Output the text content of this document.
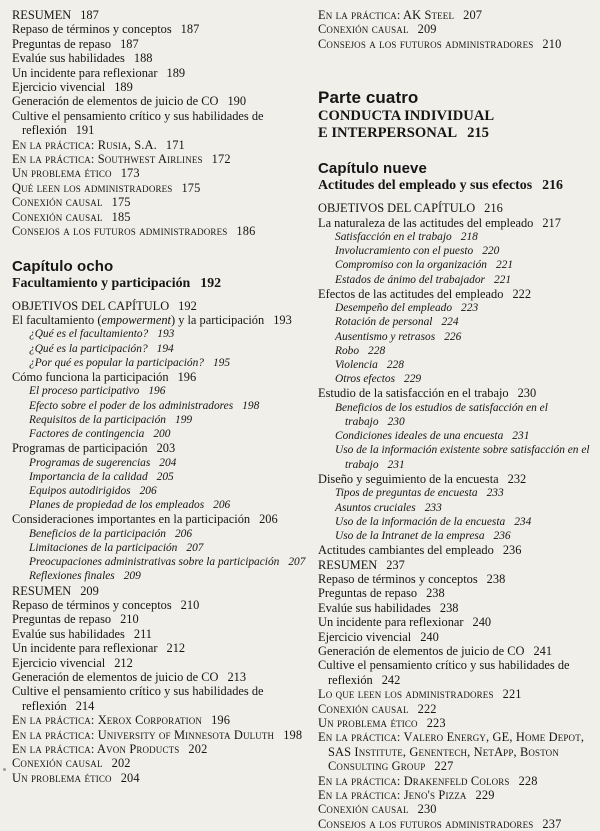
RESUMEN 187
Repaso de términos y conceptos 187
Preguntas de repaso 187
Evalúe sus habilidades 188
Un incidente para reflexionar 189
Ejercicio vivencial 189
Generación de elementos de juicio de CO 190
Cultive el pensamiento crítico y sus habilidades de reflexión 191
En la práctica: Rusia, S.A. 171
En la práctica: Southwest Airlines 172
Un problema ético 173
Qué leen los administradores 175
Conexión causal 175
Conexión causal 185
Consejos a los futuros administradores 186
Capítulo ocho
Facultamiento y participación 192
OBJETIVOS DEL CAPÍTULO 192
El facultamiento (empowerment) y la participación 193
¿Qué es el facultamiento? 193
¿Qué es la participación? 194
¿Por qué es popular la participación? 195
Cómo funciona la participación 196
El proceso participativo 196
Efecto sobre el poder de los administradores 198
Requisitos de la participación 199
Factores de contingencia 200
Programas de participación 203
Programas de sugerencias 204
Importancia de la calidad 205
Equipos autodirigidos 206
Planes de propiedad de los empleados 206
Consideraciones importantes en la participación 206
Beneficios de la participación 206
Limitaciones de la participación 207
Preocupaciones administrativas sobre la participación 207
Reflexiones finales 209
RESUMEN 209
Repaso de términos y conceptos 210
Preguntas de repaso 210
Evalúe sus habilidades 211
Un incidente para reflexionar 212
Ejercicio vivencial 212
Generación de elementos de juicio de CO 213
Cultive el pensamiento crítico y sus habilidades de reflexión 214
En la práctica: Xerox Corporation 196
En la práctica: University of Minnesota Duluth 198
En la práctica: Avon Products 202
Conexión causal 202
Un problema ético 204
En la práctica: AK Steel 207
Conexión causal 209
Consejos a los futuros administradores 210
Parte cuatro
CONDUCTA INDIVIDUAL
E INTERPERSONAL 215
Capítulo nueve
Actitudes del empleado y sus efectos 216
OBJETIVOS DEL CAPÍTULO 216
La naturaleza de las actitudes del empleado 217
Satisfacción en el trabajo 218
Involucramiento con el puesto 220
Compromiso con la organización 221
Estados de ánimo del trabajador 221
Efectos de las actitudes del empleado 222
Desempeño del empleado 223
Rotación de personal 224
Ausentismo y retrasos 226
Robo 228
Violencia 228
Otros efectos 229
Estudio de la satisfacción en el trabajo 230
Beneficios de los estudios de satisfacción en el trabajo 230
Condiciones ideales de una encuesta 231
Uso de la información existente sobre satisfacción en el trabajo 231
Diseño y seguimiento de la encuesta 232
Tipos de preguntas de encuesta 233
Asuntos cruciales 233
Uso de la información de la encuesta 234
Uso de la Intranet de la empresa 236
Actitudes cambiantes del empleado 236
RESUMEN 237
Repaso de términos y conceptos 238
Preguntas de repaso 238
Evalúe sus habilidades 238
Un incidente para reflexionar 240
Ejercicio vivencial 240
Generación de elementos de juicio de CO 241
Cultive el pensamiento crítico y sus habilidades de reflexión 242
Lo que leen los administradores 221
Conexión causal 222
Un problema ético 223
En la práctica: Valero Energy, GE, Home Depot, SAS Institute, Genentech, NetApp, Boston Consulting Group 227
En la práctica: Drakenfeld Colors 228
En la práctica: Jeno's Pizza 229
Conexión causal 230
Consejos a los futuros administradores 237
